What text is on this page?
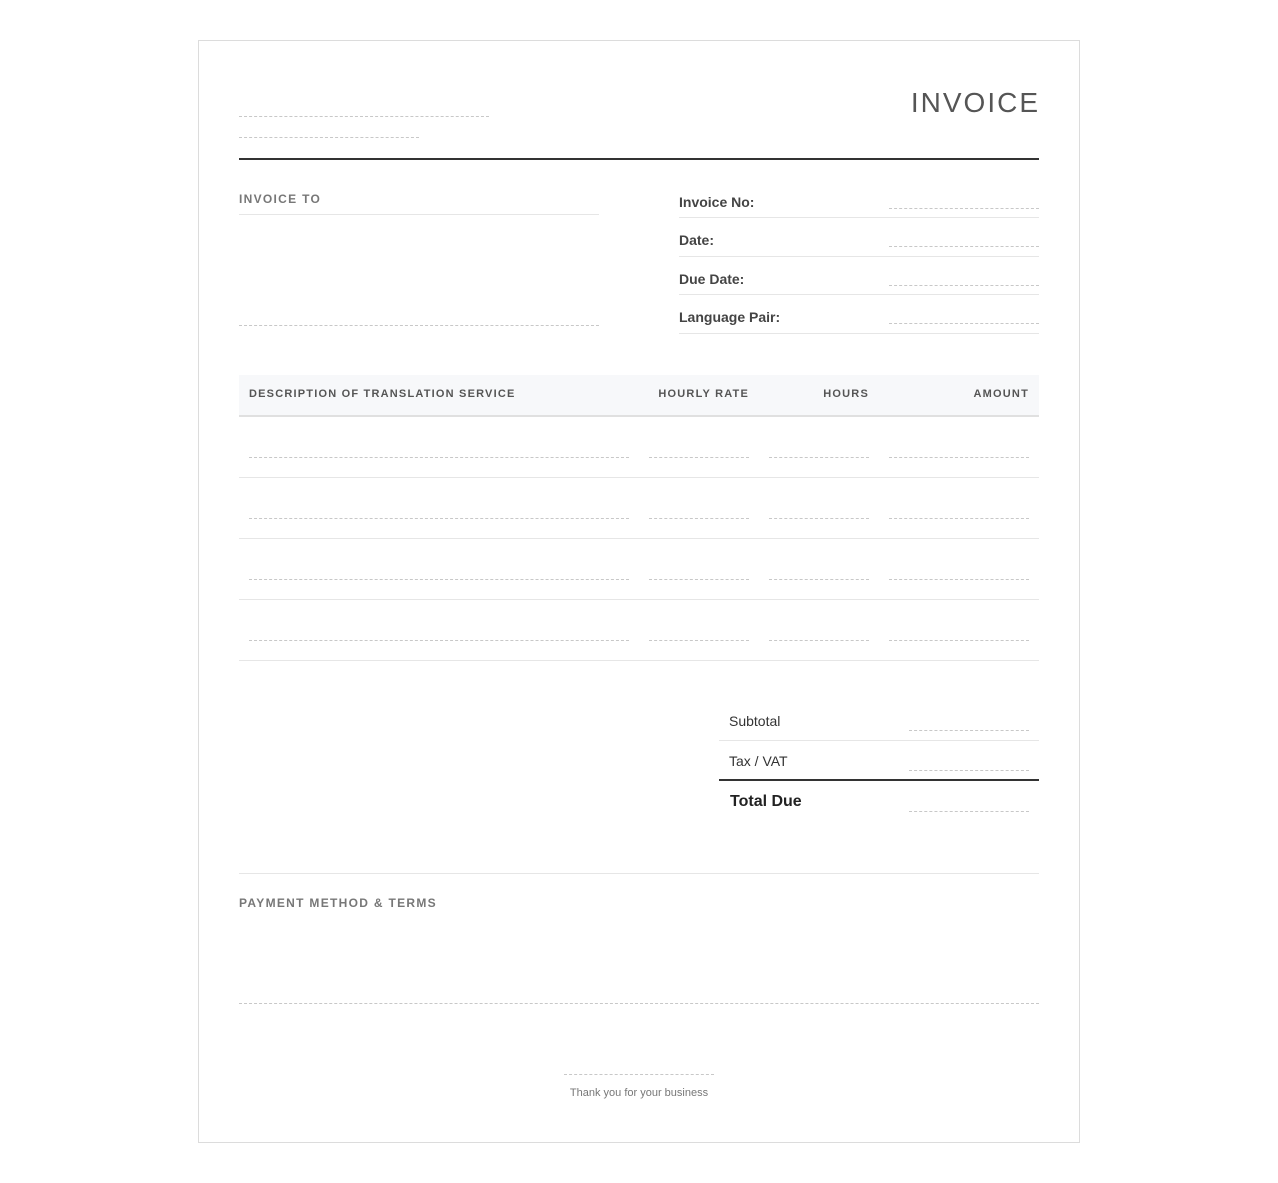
INVOICE
INVOICE TO	Invoice No:
Date:
Due Date:
Language Pair:
DESCRIPTION OF TRANSLATION SERVICE	HOURLY RATE	HOURS	AMOUNT
Subtotal
Tax / VAT
Total Due
PAYMENT METHOD & TERMS
Thank you for your business
